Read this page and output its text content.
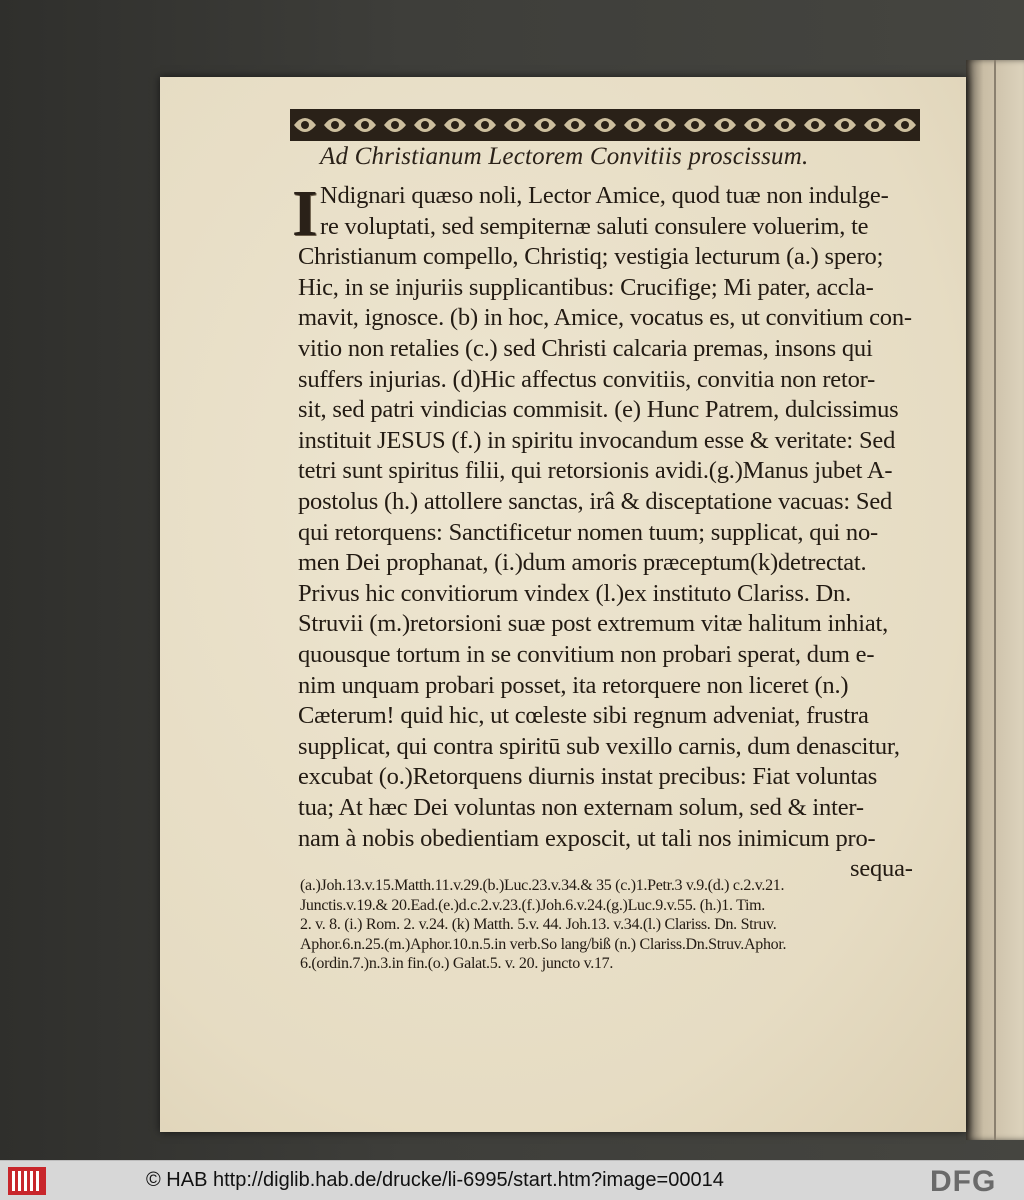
Ad Christianum Lectorem Convitiis proscissum.
I Ndignari quæso noli, Lector Amice, quod tuæ non indulge-
re voluptati, sed sempiternæ saluti consulere voluerim, te
Christianum compello, Christiq; vestigia lecturum (a.) spero;
Hic, in se injuriis supplicantibus: Crucifige; Mi pater, accla-
mavit, ignosce. (b) in hoc, Amice, vocatus es, ut convitium con-
vitio non retalies (c.) sed Christi calcaria premas, insons qui
suffers injurias. (d)Hic affectus convitiis, convitia non retor-
sit, sed patri vindicias commisit. (e) Hunc Patrem, dulcissimus
instituit JESUS (f.) in spiritu invocandum esse & veritate: Sed
tetri sunt spiritus filii, qui retorsionis avidi.(g.)Manus jubet A-
postolus (h.) attollere sanctas, irâ & disceptatione vacuas: Sed
qui retorquens: Sanctificetur nomen tuum; supplicat, qui no-
men Dei prophanat, (i.)dum amoris præceptum(k)detrectat.
Privus hic convitiorum vindex (l.)ex instituto Clariss. Dn.
Struvii (m.)retorsioni suæ post extremum vitæ halitum inhiat,
quousque tortum in se convitium non probari sperat, dum e-
nim unquam probari posset, ita retorquere non liceret (n.)
Cæterum! quid hic, ut cœleste sibi regnum adveniat, frustra
supplicat, qui contra spiritū sub vexillo carnis, dum denascitur,
excubat (o.)Retorquens diurnis instat precibus: Fiat voluntas
tua; At hæc Dei voluntas non externam solum, sed & inter-
nam à nobis obedientiam exposcit, ut tali nos inimicum pro-
sequa-
(a.)Joh.13.v.15.Matth.11.v.29.(b.)Luc.23.v.34.& 35 (c.)1.Petr.3 v.9.(d.) c.2.v.21.
Junctis.v.19.& 20.Ead.(e.)d.c.2.v.23.(f.)Joh.6.v.24.(g.)Luc.9.v.55. (h.)1. Tim.
2. v. 8. (i.) Rom. 2. v.24. (k) Matth. 5.v. 44. Joh.13. v.34.(l.) Clariss. Dn. Struv.
Aphor.6.n.25.(m.)Aphor.10.n.5.in verb.So lang/biß (n.) Clariss.Dn.Struv.Aphor.
6.(ordin.7.)n.3.in fin.(o.) Galat.5. v. 20. juncto v.17.
© HAB http://diglib.hab.de/drucke/li-6995/start.htm?image=00014	DFG
